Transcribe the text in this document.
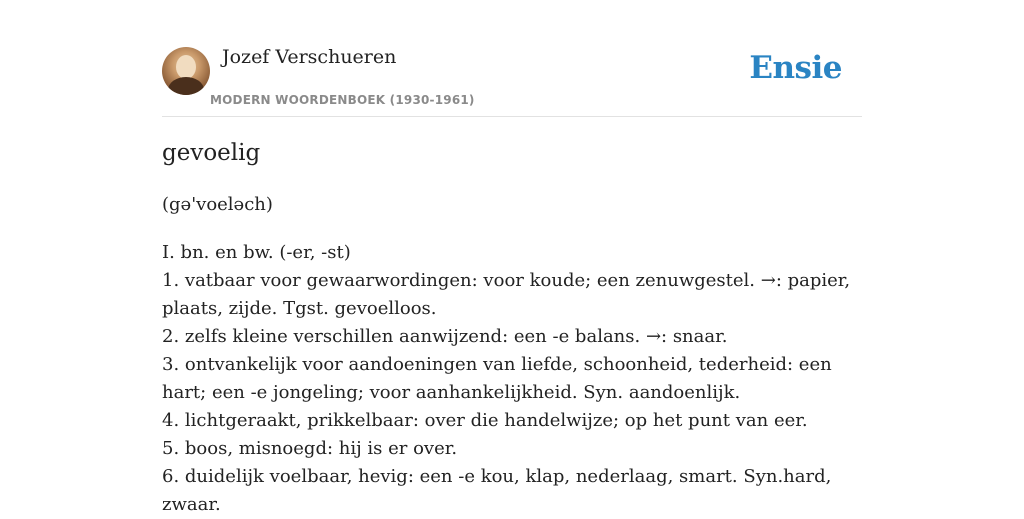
Jozef Verschueren
MODERN WOORDENBOEK (1930-1961)
Ensie
gevoelig
(gə'voeləch)
I. bn. en bw. (-er, -st)
1. vatbaar voor gewaarwordingen: voor koude; een zenuwgestel. →: papier, plaats, zijde. Tgst. gevoelloos.
2. zelfs kleine verschillen aanwijzend: een -e balans. →: snaar.
3. ontvankelijk voor aandoeningen van liefde, schoonheid, tederheid: een hart; een -e jongeling; voor aanhankelijkheid. Syn. aandoenlijk.
4. lichtgeraakt, prikkelbaar: over die handelwijze; op het punt van eer.
5. boos, misnoegd: hij is er over.
6. duidelijk voelbaar, hevig: een -e kou, klap, nederlaag, smart. Syn.hard, zwaar.
